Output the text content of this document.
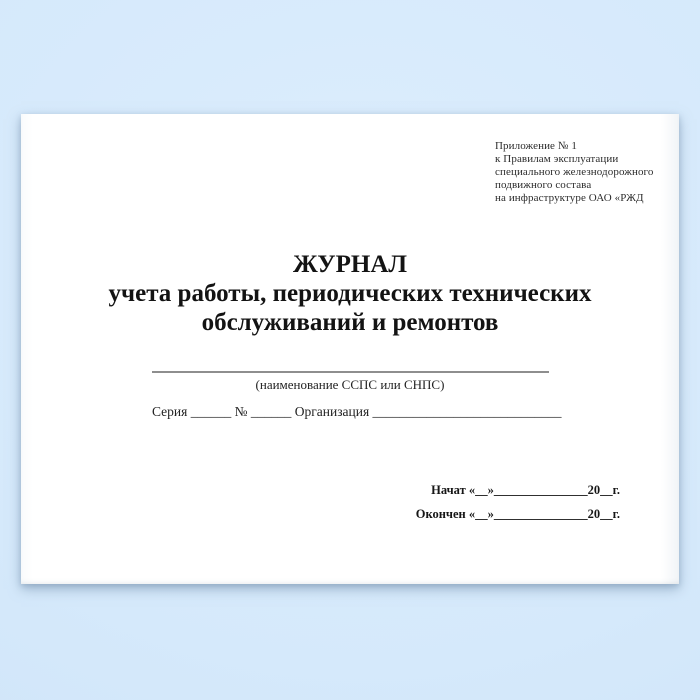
Приложение № 1
к Правилам эксплуатации
специального железнодорожного
подвижного состава
на инфраструктуре ОАО «РЖД
ЖУРНАЛ
учета работы, периодических технических
обслуживаний и ремонтов
(наименование ССПС или СНПС)
Серия ______ № ______ Организация ____________________________
Начат «__»_______________20__г.
Окончен «__»_______________20__г.
